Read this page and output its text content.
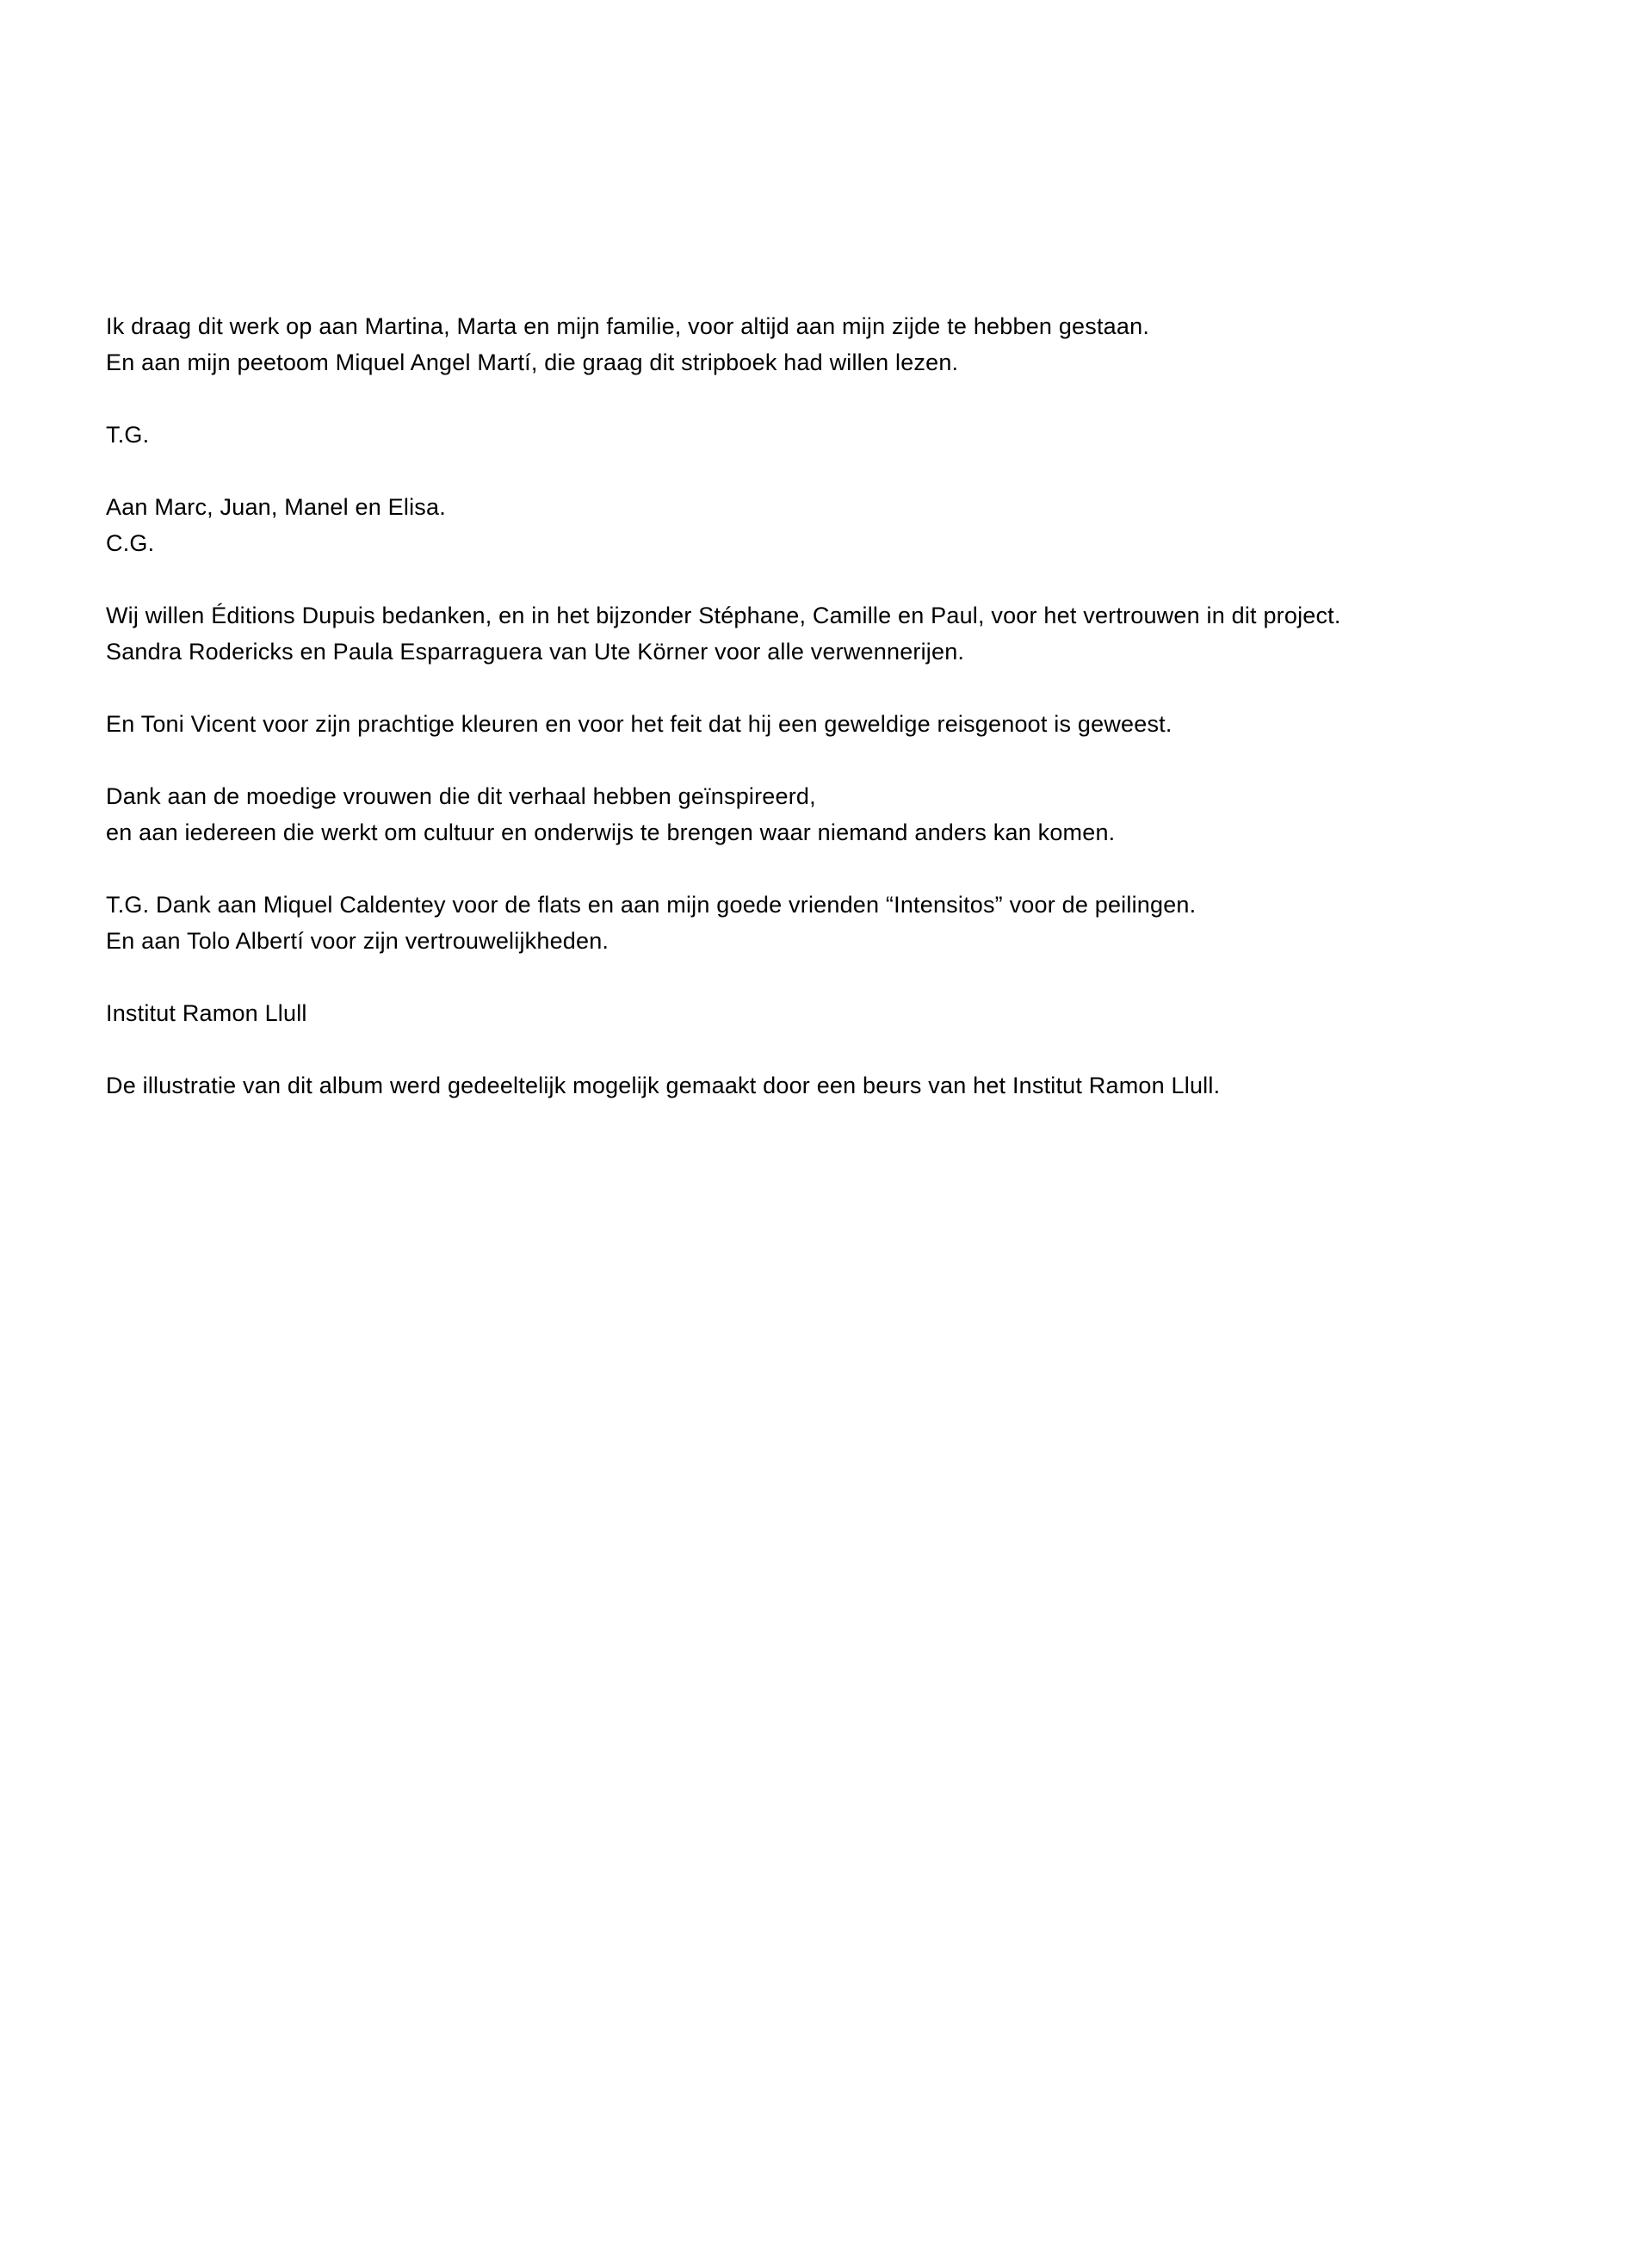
Ik draag dit werk op aan Martina, Marta en mijn familie, voor altijd aan mijn zijde te hebben gestaan.
En aan mijn peetoom Miquel Angel Martí, die graag dit stripboek had willen lezen.

T.G.

Aan Marc, Juan, Manel en Elisa.
C.G.

Wij willen Éditions Dupuis bedanken, en in het bijzonder Stéphane, Camille en Paul, voor het vertrouwen in dit project.
Sandra Rodericks en Paula Esparraguera van Ute Körner voor alle verwennerijen.

En Toni Vicent voor zijn prachtige kleuren en voor het feit dat hij een geweldige reisgenoot is geweest.

Dank aan de moedige vrouwen die dit verhaal hebben geïnspireerd,
en aan iedereen die werkt om cultuur en onderwijs te brengen waar niemand anders kan komen.

T.G. Dank aan Miquel Caldentey voor de flats en aan mijn goede vrienden “Intensitos” voor de peilingen.
En aan Tolo Albertí voor zijn vertrouwelijkheden.

Institut Ramon Llull

De illustratie van dit album werd gedeeltelijk mogelijk gemaakt door een beurs van het Institut Ramon Llull.
